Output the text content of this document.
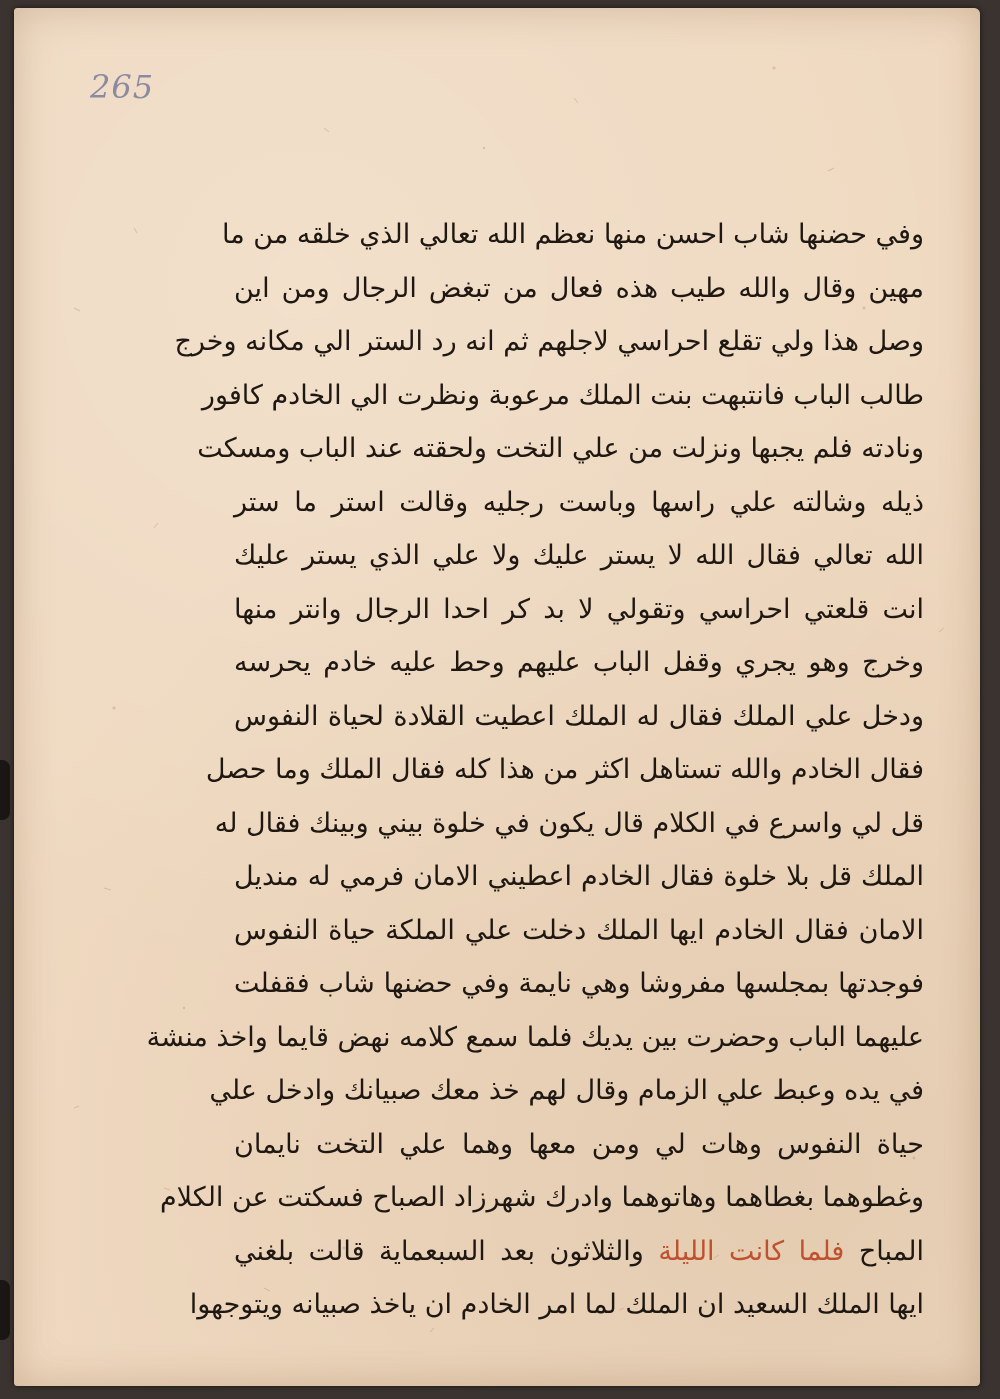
265
وفي حضنها شاب احسن منها نعظم الله تعالي الذي خلقه من ما
مهين وقال والله طيب هذه فعال من تبغض الرجال ومن اين
وصل هذا ولي تقلع احراسي لاجلهم ثم انه رد الستر الي مكانه وخرج
طالب الباب فانتبهت بنت الملك مرعوبة ونظرت الي الخادم كافور
ونادته فلم يجبها ونزلت من علي التخت ولحقته عند الباب ومسكت
ذيله وشالته علي راسها وباست رجليه وقالت استر ما ستر
الله تعالي فقال الله لا يستر عليك ولا علي الذي يستر عليك
انت قلعتي احراسي وتقولي لا بد كر احدا الرجال وانتر منها
وخرج وهو يجري وقفل الباب عليهم وحط عليه خادم يحرسه
ودخل علي الملك فقال له الملك اعطيت القلادة لحياة النفوس
فقال الخادم والله تستاهل اكثر من هذا كله فقال الملك وما حصل
قل لي واسرع في الكلام قال يكون في خلوة بيني وبينك فقال له
الملك قل بلا خلوة فقال الخادم اعطيني الامان فرمي له منديل
الامان فقال الخادم ايها الملك دخلت علي الملكة حياة النفوس
فوجدتها بمجلسها مفروشا وهي نايمة وفي حضنها شاب فقفلت
عليهما الباب وحضرت بين يديك فلما سمع كلامه نهض قايما واخذ منشة
في يده وعبط علي الزمام وقال لهم خذ معك صبيانك وادخل علي
حياة النفوس وهات لي ومن معها وهما علي التخت نايمان
وغطوهما بغطاهما وهاتوهما وادرك شهرزاد الصباح فسكتت عن الكلام
المباح فلما كانت الليلة والثلاثون بعد السبعماية قالت بلغني
ايها الملك السعيد ان الملك لما امر الخادم ان ياخذ صبيانه ويتوجهوا
